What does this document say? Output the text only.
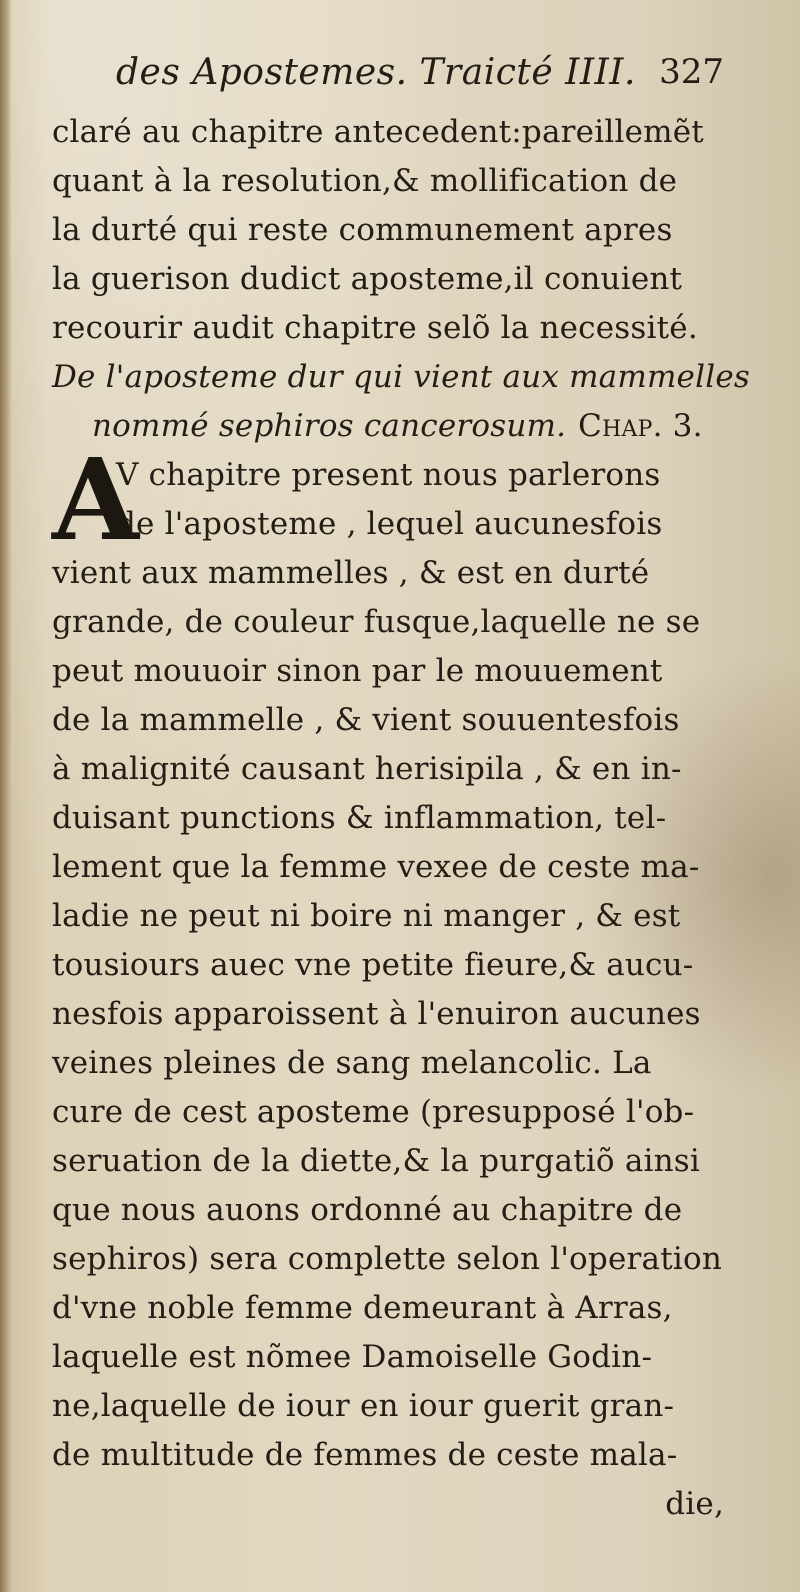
des Apostemes. Traicté IIII. 327
claré au chapitre antecedent:pareillemẽt
quant à la resolution,& mollification de
la durté qui reste communement apres
la guerison dudict aposteme,il conuient
recourir audit chapitre selõ la necessité.
De l'aposteme dur qui vient aux mammelles
nommé sephiros cancerosum. Chap. 3.
A
V chapitre present nous parlerons
de l'aposteme , lequel aucunesfois
vient aux mammelles , & est en durté
grande, de couleur fusque,laquelle ne se
peut mouuoir sinon par le mouuement
de la mammelle , & vient souuentesfois
à malignité causant herisipila , & en in-
duisant punctions & inflammation, tel-
lement que la femme vexee de ceste ma-
ladie ne peut ni boire ni manger , & est
tousiours auec vne petite fieure,& aucu-
nesfois apparoissent à l'enuiron aucunes
veines pleines de sang melancolic. La
cure de cest aposteme (presupposé l'ob-
seruation de la diette,& la purgatiõ ainsi
que nous auons ordonné au chapitre de
sephiros) sera complette selon l'operation
d'vne noble femme demeurant à Arras,
laquelle est nõmee Damoiselle Godin-
ne,laquelle de iour en iour guerit gran-
de multitude de femmes de ceste mala-
die,
